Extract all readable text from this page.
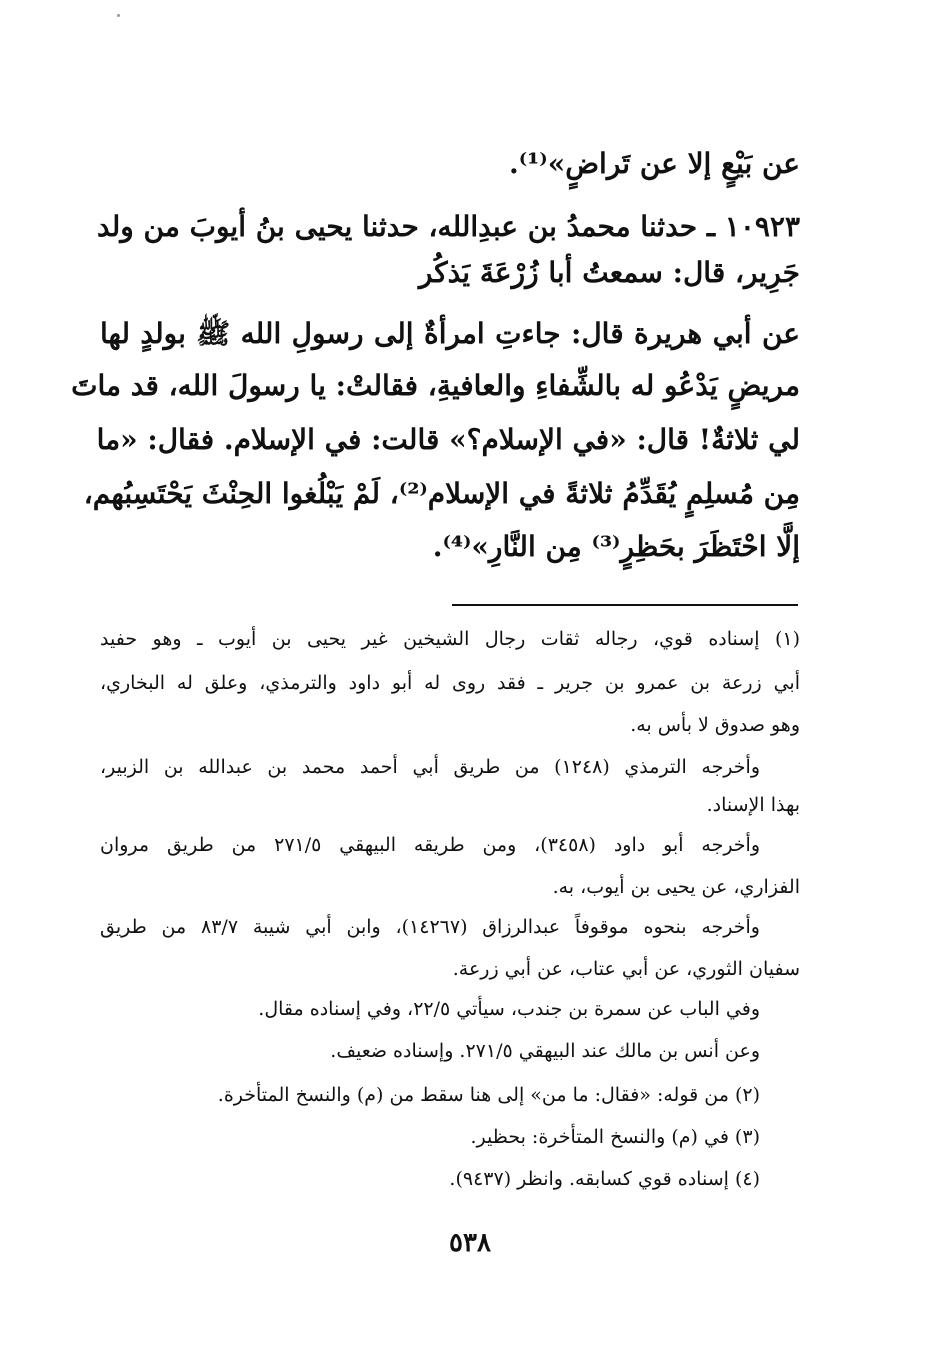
عن بَيْعٍ إلا عن تَراضٍ»⁽¹⁾.
١٠٩٢٣ ـ حدثنا محمدُ بن عبدِالله، حدثنا يحيى بنُ أيوبَ من ولد
جَرِير، قال: سمعتُ أبا زُرْعَةَ يَذكُر
عن أبي هريرة قال: جاءتِ امرأةٌ إلى رسولِ الله ﷺ بولدٍ لها
مريضٍ يَدْعُو له بالشِّفاءِ والعافيةِ، فقالتْ: يا رسولَ الله، قد ماتَ
لي ثلاثةٌ! قال: «في الإسلام؟» قالت: في الإسلام. فقال: «ما
مِن مُسلِمٍ يُقَدِّمُ ثلاثةً في الإسلام⁽²⁾، لَمْ يَبْلُغوا الحِنْثَ يَحْتَسِبُهم،
إلَّا احْتَظَرَ بحَظِرٍ⁽³⁾ مِن النَّارِ»⁽⁴⁾.
(١) إسناده قوي، رجاله ثقات رجال الشيخين غير يحيى بن أيوب ـ وهو حفيد
أبي زرعة بن عمرو بن جرير ـ فقد روى له أبو داود والترمذي، وعلق له البخاري،
وهو صدوق لا بأس به.
وأخرجه الترمذي (١٢٤٨) من طريق أبي أحمد محمد بن عبدالله بن الزبير،
بهذا الإسناد.
وأخرجه أبو داود (٣٤٥٨)، ومن طريقه البيهقي ٢٧١/٥ من طريق مروان
الفزاري، عن يحيى بن أيوب، به.
وأخرجه بنحوه موقوفاً عبدالرزاق (١٤٢٦٧)، وابن أبي شيبة ٨٣/٧ من طريق
سفيان الثوري، عن أبي عتاب، عن أبي زرعة.
وفي الباب عن سمرة بن جندب، سيأتي ٢٢/٥، وفي إسناده مقال.
وعن أنس بن مالك عند البيهقي ٢٧١/٥. وإسناده ضعيف.
(٢) من قوله: «فقال: ما من» إلى هنا سقط من (م) والنسخ المتأخرة.
(٣) في (م) والنسخ المتأخرة: بحظير.
(٤) إسناده قوي كسابقه. وانظر (٩٤٣٧).
٥٣٨
